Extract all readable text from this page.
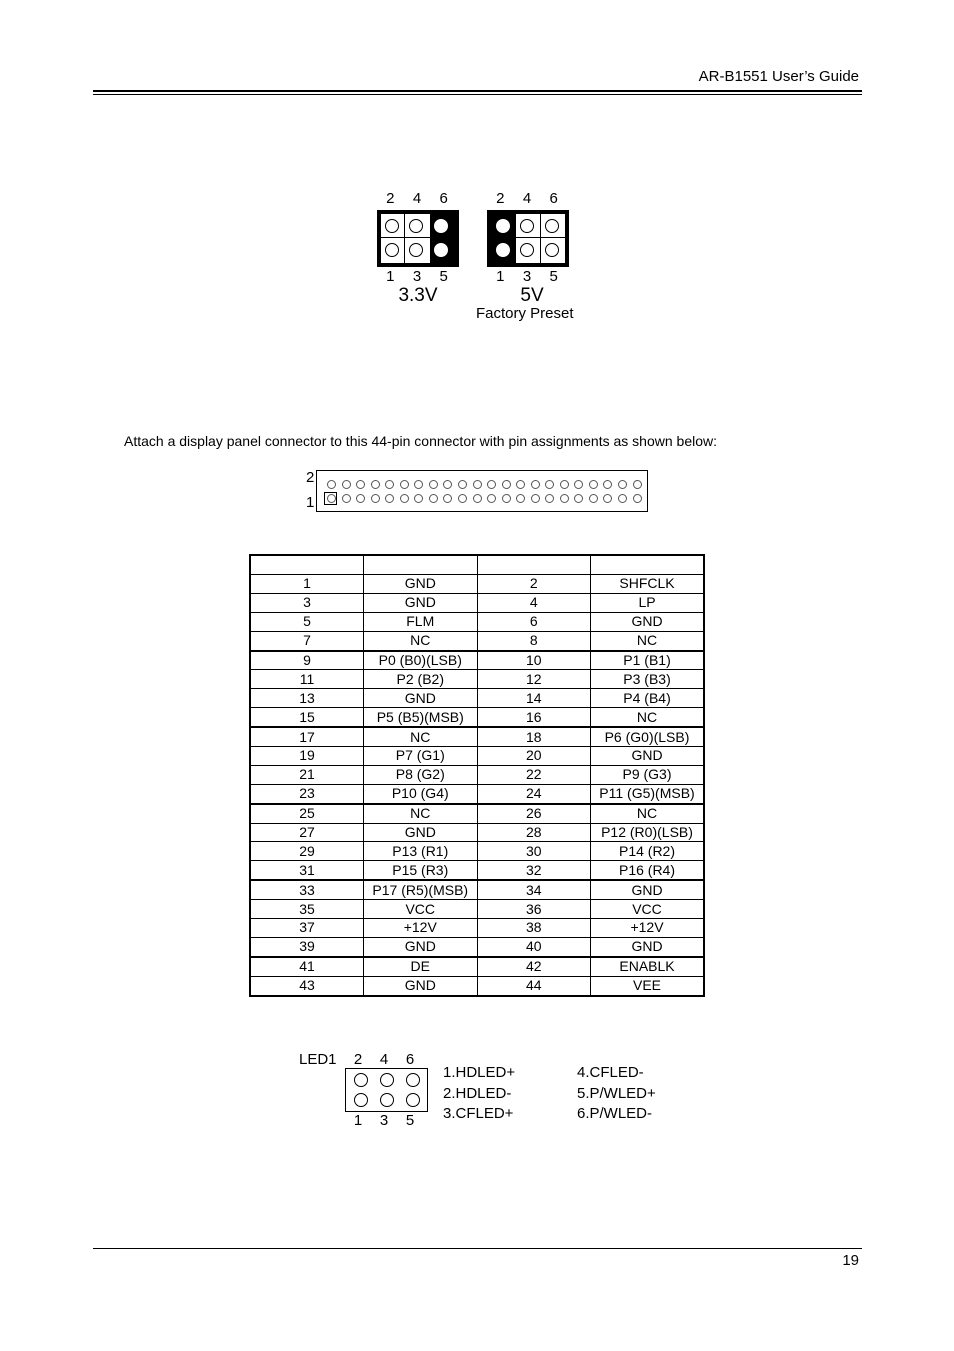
AR-B1551 User’s Guide
2 4 6
1 3 5
3.3V
2 4 6
1 3 5
5V
Factory Preset
Attach a display panel connector to this 44-pin connector with pin assignments as shown below:
2
1

1	GND	2	SHFCLK
3	GND	4	LP
5	FLM	6	GND
7	NC	8	NC
9	P0 (B0)(LSB)	10	P1 (B1)
11	P2 (B2)	12	P3 (B3)
13	GND	14	P4 (B4)
15	P5 (B5)(MSB)	16	NC
17	NC	18	P6 (G0)(LSB)
19	P7 (G1)	20	GND
21	P8 (G2)	22	P9 (G3)
23	P10 (G4)	24	P11 (G5)(MSB)
25	NC	26	NC
27	GND	28	P12 (R0)(LSB)
29	P13 (R1)	30	P14 (R2)
31	P15 (R3)	32	P16 (R4)
33	P17 (R5)(MSB)	34	GND
35	VCC	36	VCC
37	+12V	38	+12V
39	GND	40	GND
41	DE	42	ENABLK
43	GND	44	VEE
LED1 2 4 6
1 3 5
1.HDLED+
2.HDLED-
3.CFLED+
4.CFLED-
5.P/WLED+
6.P/WLED-
19
